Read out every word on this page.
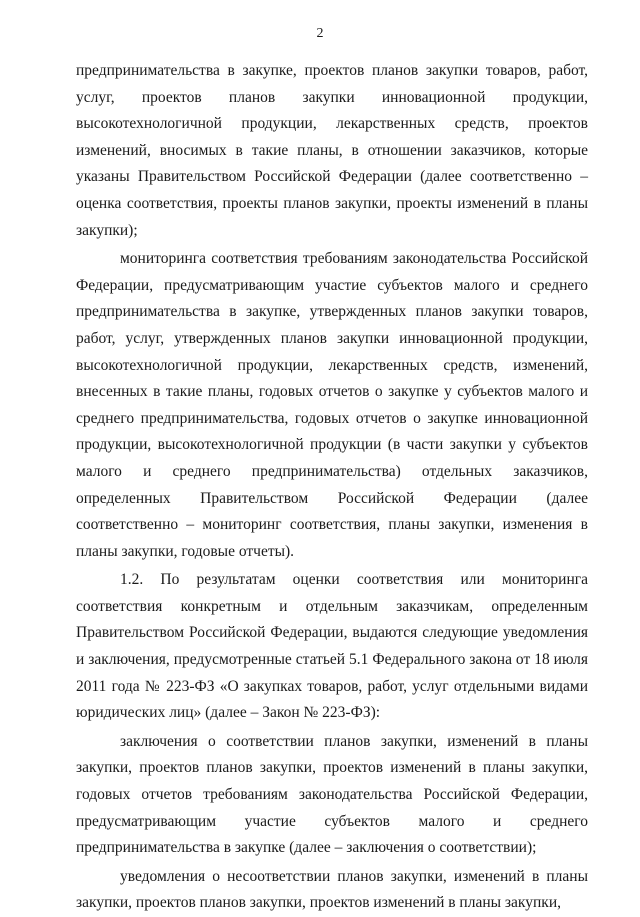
2

предпринимательства в закупке, проектов планов закупки товаров, работ, услуг, проектов планов закупки инновационной продукции, высокотехнологичной продукции, лекарственных средств, проектов изменений, вносимых в такие планы, в отношении заказчиков, которые указаны Правительством Российской Федерации (далее соответственно – оценка соответствия, проекты планов закупки, проекты изменений в планы закупки);

мониторинга соответствия требованиям законодательства Российской Федерации, предусматривающим участие субъектов малого и среднего предпринимательства в закупке, утвержденных планов закупки товаров, работ, услуг, утвержденных планов закупки инновационной продукции, высокотехнологичной продукции, лекарственных средств, изменений, внесенных в такие планы, годовых отчетов о закупке у субъектов малого и среднего предпринимательства, годовых отчетов о закупке инновационной продукции, высокотехнологичной продукции (в части закупки у субъектов малого и среднего предпринимательства) отдельных заказчиков, определенных Правительством Российской Федерации (далее соответственно – мониторинг соответствия, планы закупки, изменения в планы закупки, годовые отчеты).

1.2. По результатам оценки соответствия или мониторинга соответствия конкретным и отдельным заказчикам, определенным Правительством Российской Федерации, выдаются следующие уведомления и заключения, предусмотренные статьей 5.1 Федерального закона от 18 июля 2011 года № 223-ФЗ «О закупках товаров, работ, услуг отдельными видами юридических лиц» (далее – Закон № 223-ФЗ):

заключения о соответствии планов закупки, изменений в планы закупки, проектов планов закупки, проектов изменений в планы закупки, годовых отчетов требованиям законодательства Российской Федерации, предусматривающим участие субъектов малого и среднего предпринимательства в закупке (далее – заключения о соответствии);

уведомления о несоответствии планов закупки, изменений в планы закупки, проектов планов закупки, проектов изменений в планы закупки,
